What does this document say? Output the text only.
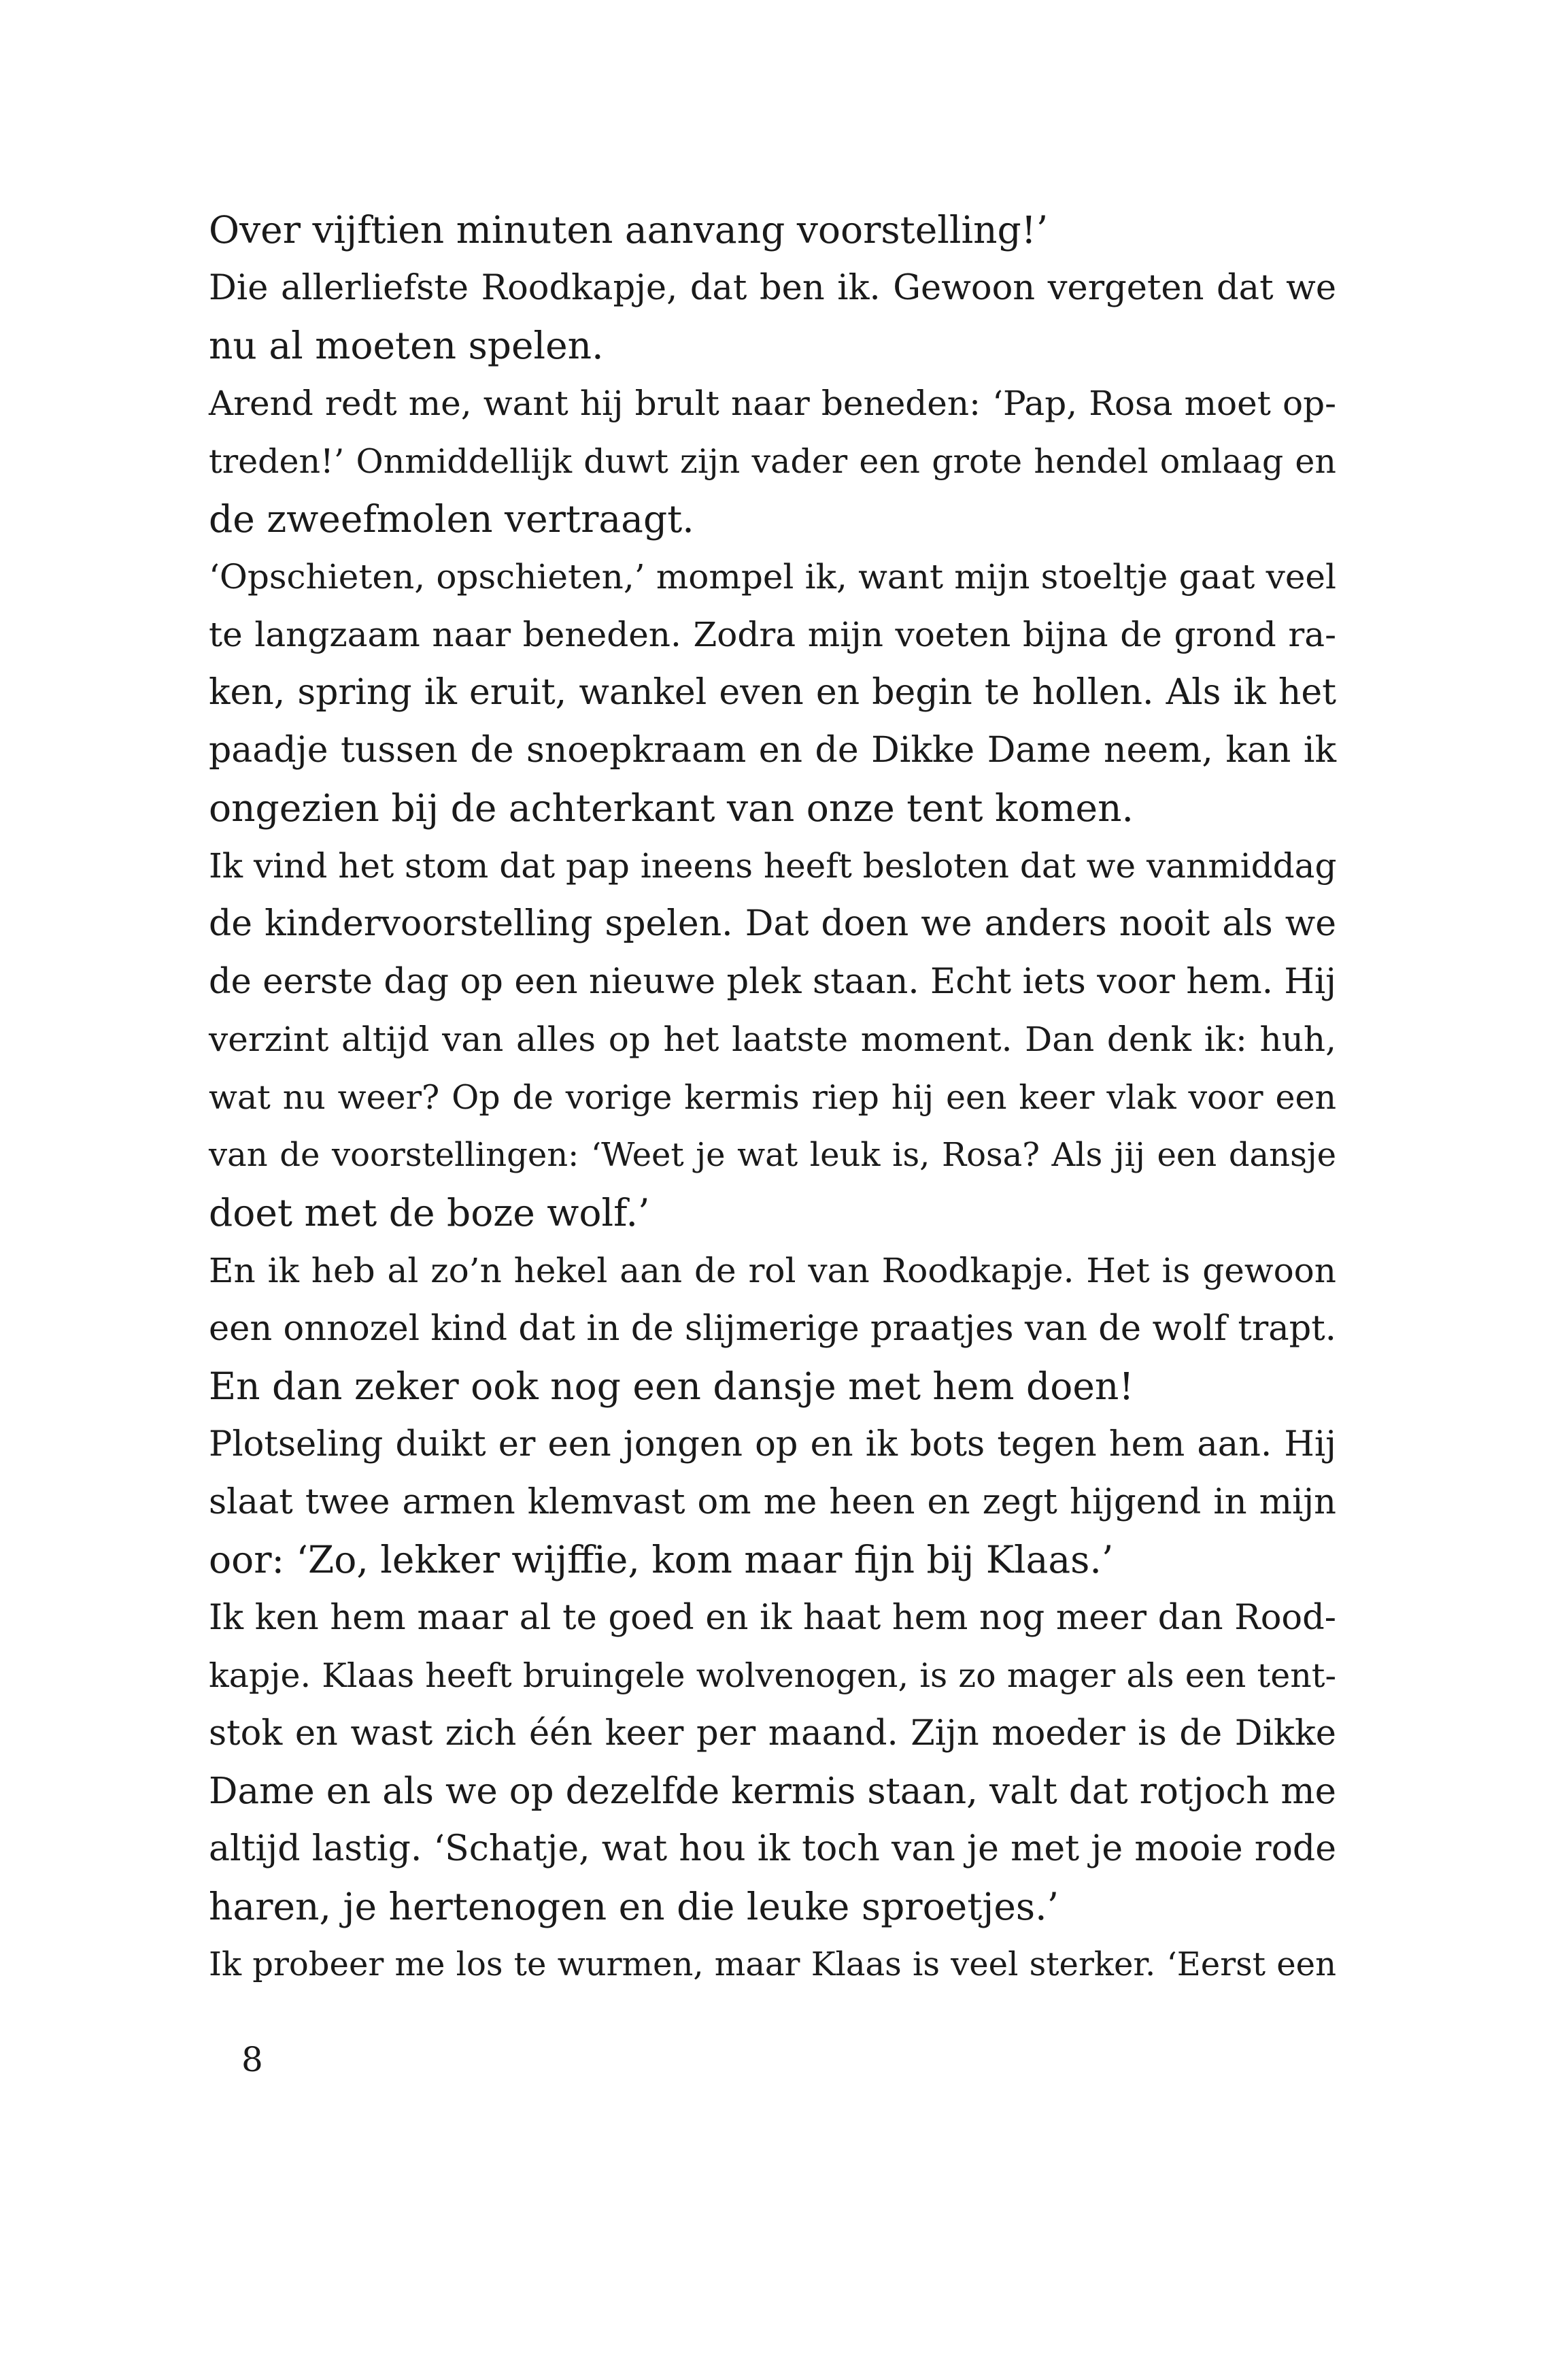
Over vijftien minuten aanvang voorstelling!’
Die allerliefste Roodkapje, dat ben ik. Gewoon vergeten dat we
nu al moeten spelen.
Arend redt me, want hij brult naar beneden: ‘Pap, Rosa moet op-
treden!’ Onmiddellijk duwt zijn vader een grote hendel omlaag en
de zweefmolen vertraagt.
‘Opschieten, opschieten,’ mompel ik, want mijn stoeltje gaat veel
te langzaam naar beneden. Zodra mijn voeten bijna de grond ra-
ken, spring ik eruit, wankel even en begin te hollen. Als ik het
paadje tussen de snoepkraam en de Dikke Dame neem, kan ik
ongezien bij de achterkant van onze tent komen.
Ik vind het stom dat pap ineens heeft besloten dat we vanmiddag
de kindervoorstelling spelen. Dat doen we anders nooit als we
de eerste dag op een nieuwe plek staan. Echt iets voor hem. Hij
verzint altijd van alles op het laatste moment. Dan denk ik: huh,
wat nu weer? Op de vorige kermis riep hij een keer vlak voor een
van de voorstellingen: ‘Weet je wat leuk is, Rosa? Als jij een dansje
doet met de boze wolf.’
En ik heb al zo’n hekel aan de rol van Roodkapje. Het is gewoon
een onnozel kind dat in de slijmerige praatjes van de wolf trapt.
En dan zeker ook nog een dansje met hem doen!
Plotseling duikt er een jongen op en ik bots tegen hem aan. Hij
slaat twee armen klemvast om me heen en zegt hijgend in mijn
oor: ‘Zo, lekker wijffie, kom maar fijn bij Klaas.’
Ik ken hem maar al te goed en ik haat hem nog meer dan Rood-
kapje. Klaas heeft bruingele wolvenogen, is zo mager als een tent-
stok en wast zich één keer per maand. Zijn moeder is de Dikke
Dame en als we op dezelfde kermis staan, valt dat rotjoch me
altijd lastig. ‘Schatje, wat hou ik toch van je met je mooie rode
haren, je hertenogen en die leuke sproetjes.’
Ik probeer me los te wurmen, maar Klaas is veel sterker. ‘Eerst een
8
